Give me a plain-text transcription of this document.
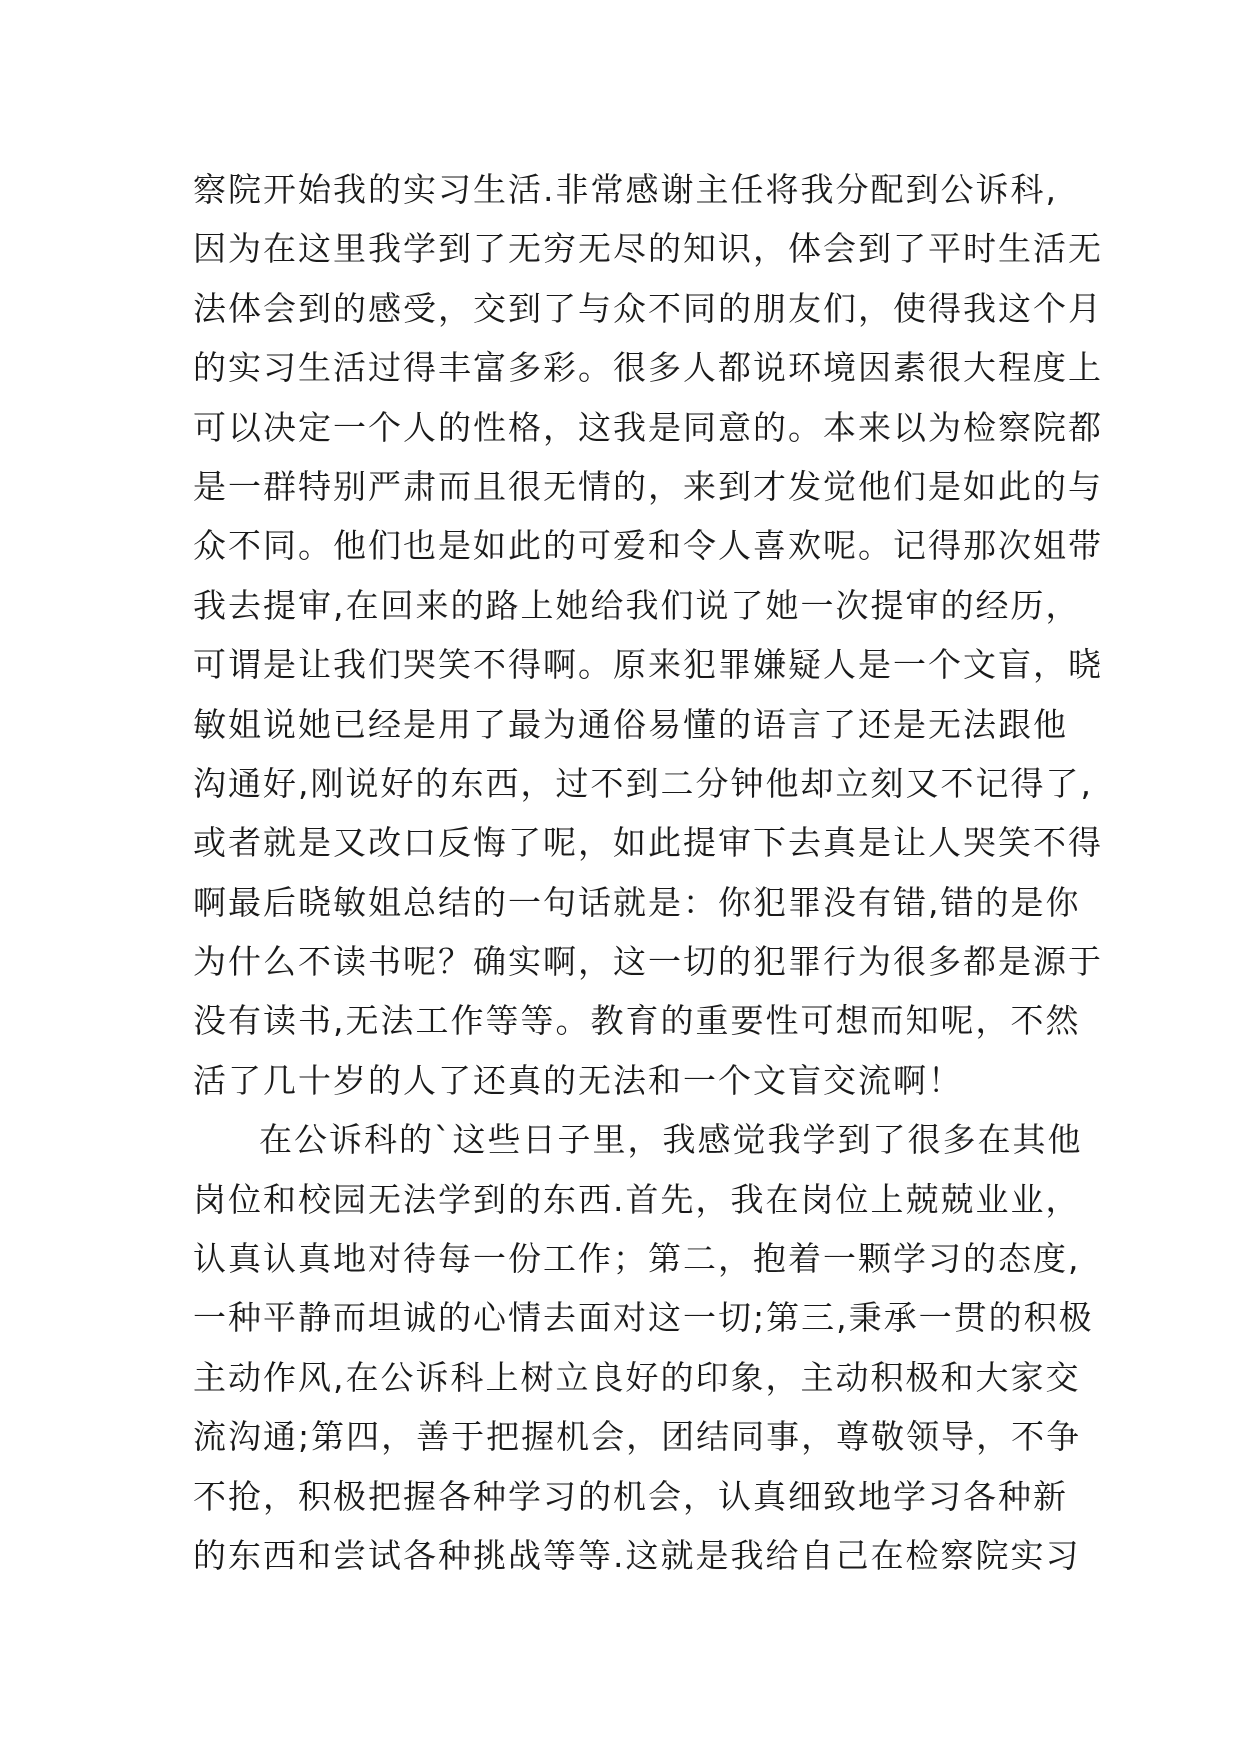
察院开始我的实习生活.非常感谢主任将我分配到公诉科,
因为在这里我学到了无穷无尽的知识，体会到了平时生活无
法体会到的感受，交到了与众不同的朋友们，使得我这个月
的实习生活过得丰富多彩。很多人都说环境因素很大程度上
可以决定一个人的性格，这我是同意的。本来以为检察院都
是一群特别严肃而且很无情的，来到才发觉他们是如此的与
众不同。他们也是如此的可爱和令人喜欢呢。记得那次姐带
我去提审,在回来的路上她给我们说了她一次提审的经历，
可谓是让我们哭笑不得啊。原来犯罪嫌疑人是一个文盲，晓
敏姐说她已经是用了最为通俗易懂的语言了还是无法跟他
沟通好,刚说好的东西，过不到二分钟他却立刻又不记得了,
或者就是又改口反悔了呢，如此提审下去真是让人哭笑不得
啊最后晓敏姐总结的一句话就是：你犯罪没有错,错的是你
为什么不读书呢？确实啊，这一切的犯罪行为很多都是源于
没有读书,无法工作等等。教育的重要性可想而知呢，不然
活了几十岁的人了还真的无法和一个文盲交流啊！
在公诉科的`这些日子里，我感觉我学到了很多在其他
岗位和校园无法学到的东西.首先，我在岗位上兢兢业业，
认真认真地对待每一份工作；第二，抱着一颗学习的态度,
一种平静而坦诚的心情去面对这一切;第三,秉承一贯的积极
主动作风,在公诉科上树立良好的印象，主动积极和大家交
流沟通;第四，善于把握机会，团结同事，尊敬领导，不争
不抢，积极把握各种学习的机会，认真细致地学习各种新
的东西和尝试各种挑战等等.这就是我给自己在检察院实习
